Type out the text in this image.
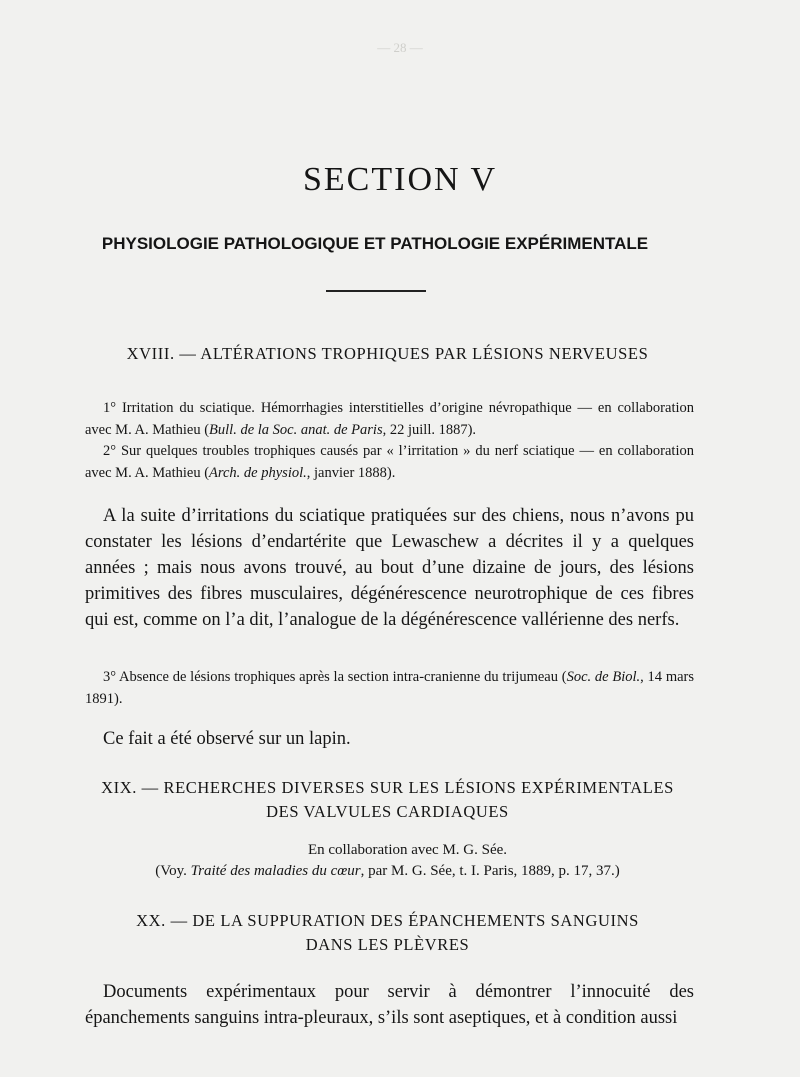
— 28 —
SECTION V
PHYSIOLOGIE PATHOLOGIQUE ET PATHOLOGIE EXPÉRIMENTALE
XVIII. — ALTÉRATIONS TROPHIQUES PAR LÉSIONS NERVEUSES
1° Irritation du sciatique. Hémorrhagies interstitielles d’origine névropathique — en collaboration avec M. A. Mathieu (Bull. de la Soc. anat. de Paris, 22 juill. 1887).
2° Sur quelques troubles trophiques causés par « l’irritation » du nerf sciatique — en collaboration avec M. A. Mathieu (Arch. de physiol., janvier 1888).
A la suite d’irritations du sciatique pratiquées sur des chiens, nous n’avons pu constater les lésions d’endartérite que Lewaschew a décrites il y a quelques années ; mais nous avons trouvé, au bout d’une dizaine de jours, des lésions primitives des fibres musculaires, dégénérescence neurotrophique de ces fibres qui est, comme on l’a dit, l’analogue de la dégénérescence vallérienne des nerfs.
3° Absence de lésions trophiques après la section intra-cranienne du trijumeau (Soc. de Biol., 14 mars 1891).
Ce fait a été observé sur un lapin.
XIX. — RECHERCHES DIVERSES SUR LES LÉSIONS EXPÉRIMENTALES
DES VALVULES CARDIAQUES
En collaboration avec M. G. Sée.
(Voy. Traité des maladies du cœur, par M. G. Sée, t. I. Paris, 1889, p. 17, 37.)
XX. — DE LA SUPPURATION DES ÉPANCHEMENTS SANGUINS
DANS LES PLÈVRES
Documents expérimentaux pour servir à démontrer l’innocuité des épanchements sanguins intra-pleuraux, s’ils sont aseptiques, et à condition aussi
